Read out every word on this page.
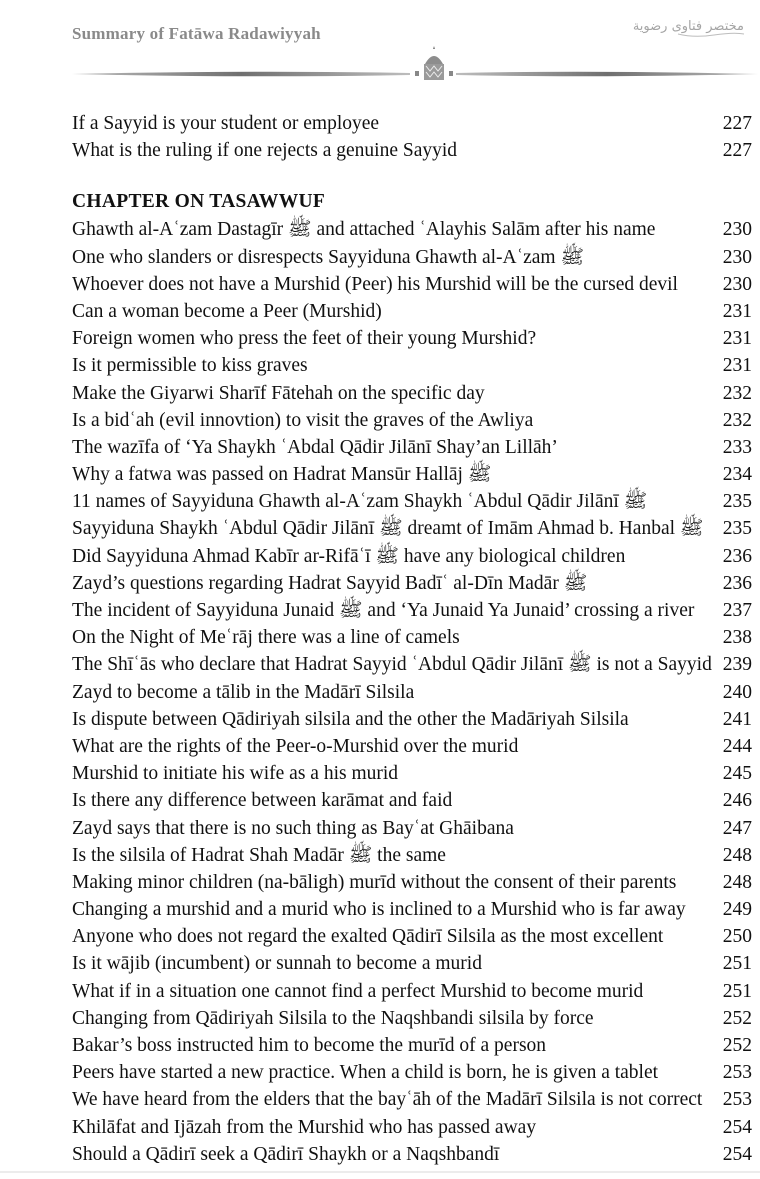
Summary of Fatāwa Radawiyyah	مختصر فتاوى رضوية
If a Sayyid is your student or employee	227
What is the ruling if one rejects a genuine Sayyid	227
CHAPTER ON TASAWWUF
Ghawth al-Aʿzam Dastagīr ﷺ and attached ʿAlayhis Salām after his name	230
One who slanders or disrespects Sayyiduna Ghawth al-Aʿzam ﷺ	230
Whoever does not have a Murshid (Peer) his Murshid will be the cursed devil	230
Can a woman become a Peer (Murshid)	231
Foreign women who press the feet of their young Murshid?	231
Is it permissible to kiss graves	231
Make the Giyarwi Sharīf Fātehah on the specific day	232
Is a bidʿah (evil innovtion) to visit the graves of the Awliya	232
The wazīfa of ‘Ya Shaykh ʿAbdal Qādir Jilānī Shay’an Lillāh’	233
Why a fatwa was passed on Hadrat Mansūr Hallāj ﷺ	234
11 names of Sayyiduna Ghawth al-Aʿzam Shaykh ʿAbdul Qādir Jilānī ﷺ	235
Sayyiduna Shaykh ʿAbdul Qādir Jilānī ﷺ dreamt of Imām Ahmad b. Hanbal ﷺ 235
Did Sayyiduna Ahmad Kabīr ar-Rifāʿī ﷺ have any biological children	236
Zayd’s questions regarding Hadrat Sayyid Badīʿ al-Dīn Madār ﷺ	236
The incident of Sayyiduna Junaid ﷺ and ‘Ya Junaid Ya Junaid’ crossing a river	237
On the Night of Meʿrāj there was a line of camels	238
The Shīʿās who declare that Hadrat Sayyid ʿAbdul Qādir Jilānī ﷺ is not a Sayyid 239
Zayd to become a tālib in the Madārī Silsila	240
Is dispute between Qādiriyah silsila and the other the Madāriyah Silsila	241
What are the rights of the Peer-o-Murshid over the murid	244
Murshid to initiate his wife as a his murid	245
Is there any difference between karāmat and faid	246
Zayd says that there is no such thing as Bayʿat Ghāibana	247
Is the silsila of Hadrat Shah Madār ﷺ the same	248
Making minor children (na-bāligh) murīd without the consent of their parents	248
Changing a murshid and a murid who is inclined to a Murshid who is far away	249
Anyone who does not regard the exalted Qādirī Silsila as the most excellent	250
Is it wājib (incumbent) or sunnah to become a murid	251
What if in a situation one cannot find a perfect Murshid to become murid	251
Changing from Qādiriyah Silsila to the Naqshbandi silsila by force	252
Bakar’s boss instructed him to become the murīd of a person	252
Peers have started a new practice. When a child is born, he is given a tablet	253
We have heard from the elders that the bayʿāh of the Madārī Silsila is not correct	253
Khilāfat and Ijāzah from the Murshid who has passed away	254
Should a Qādirī seek a Qādirī Shaykh or a Naqshbandī	254
